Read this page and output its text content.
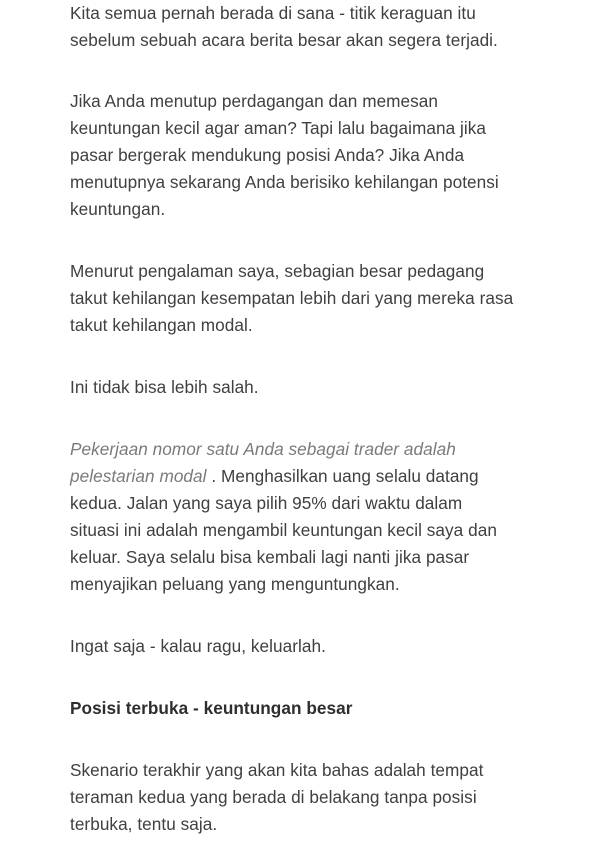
Kita semua pernah berada di sana - titik keraguan itu
sebelum sebuah acara berita besar akan segera terjadi.

Jika Anda menutup perdagangan dan memesan
keuntungan kecil agar aman? Tapi lalu bagaimana jika
pasar bergerak mendukung posisi Anda? Jika Anda
menutupnya sekarang Anda berisiko kehilangan potensi
keuntungan.

Menurut pengalaman saya, sebagian besar pedagang
takut kehilangan kesempatan lebih dari yang mereka rasa
takut kehilangan modal.

Ini tidak bisa lebih salah.

Pekerjaan nomor satu Anda sebagai trader adalah
pelestarian modal . Menghasilkan uang selalu datang
kedua. Jalan yang saya pilih 95% dari waktu dalam
situasi ini adalah mengambil keuntungan kecil saya dan
keluar. Saya selalu bisa kembali lagi nanti jika pasar
menyajikan peluang yang menguntungkan.

Ingat saja - kalau ragu, keluarlah.

Posisi terbuka - keuntungan besar

Skenario terakhir yang akan kita bahas adalah tempat
teraman kedua yang berada di belakang tanpa posisi
terbuka, tentu saja.
